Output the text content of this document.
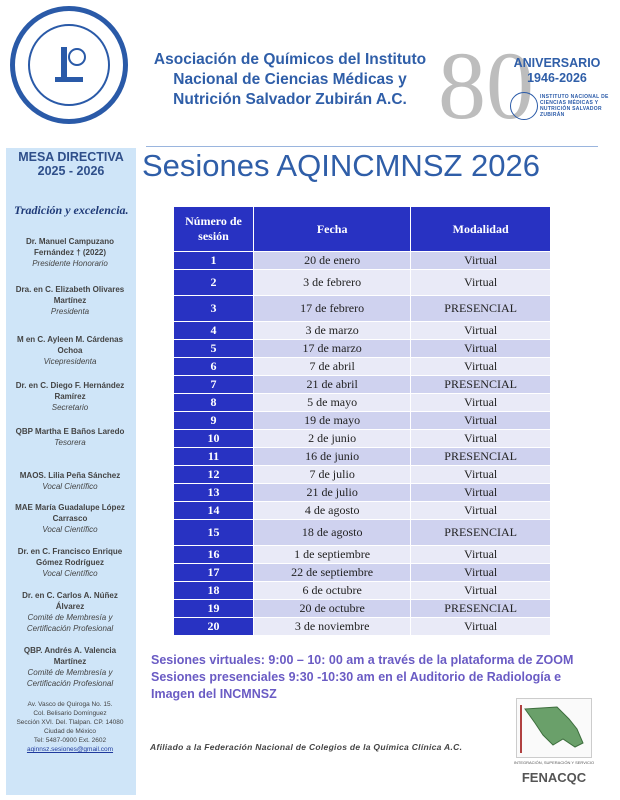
Asociación de Químicos del Instituto
Nacional de Ciencias Médicas y
Nutrición Salvador Zubirán A.C. 80
ANIVERSARIO
1946-2026
INSTITUTO NACIONAL DE CIENCIAS MÉDICAS Y NUTRICIÓN SALVADOR ZUBIRÁN
MESA DIRECTIVA
2025 - 2026
Tradición y excelencia.
Dr. Manuel Campuzano Fernández † (2022)
Presidente Honorario
Dra. en C. Elizabeth Olivares Martínez
Presidenta
M en C. Ayleen M. Cárdenas Ochoa
Vicepresidenta
Dr. en C. Diego F. Hernández Ramírez
Secretario
QBP Martha E Baños Laredo
Tesorera
MAOS. Lilia Peña Sánchez
Vocal Científico
MAE María Guadalupe López Carrasco
Vocal Científico
Dr. en C. Francisco Enrique Gómez Rodríguez
Vocal Científico
Dr. en C. Carlos A. Núñez Álvarez
Comité de Membresía y Certificación Profesional
QBP. Andrés A. Valencia Martínez
Comité de Membresía y Certificación Profesional
Av. Vasco de Quiroga No. 15.
Col. Belisario Domínguez
Sección XVI. Del. Tlalpan. CP. 14080
Ciudad de México
Tel: 5487-0900 Ext. 2602
aqinnsz.sesiones@gmail.com
Sesiones AQINCMNSZ 2026
Número de sesión	Fecha	Modalidad
1	20 de enero	Virtual
2	3 de febrero	Virtual
3	17 de febrero	PRESENCIAL
4	3 de marzo	Virtual
5	17 de marzo	Virtual
6	7 de abril	Virtual
7	21 de abril	PRESENCIAL
8	5 de mayo	Virtual
9	19 de mayo	Virtual
10	2 de junio	Virtual
11	16 de junio	PRESENCIAL
12	7 de julio	Virtual
13	21 de julio	Virtual
14	4 de agosto	Virtual
15	18 de agosto	PRESENCIAL
16	1 de septiembre	Virtual
17	22 de septiembre	Virtual
18	6 de octubre	Virtual
19	20 de octubre	PRESENCIAL
20	3 de noviembre	Virtual
Sesiones virtuales: 9:00 – 10: 00 am a través de la plataforma de ZOOM
Sesiones presenciales 9:30 -10:30 am en el Auditorio de Radiología e Imagen del INCMNSZ
Afiliado a la Federación Nacional de Colegios de la Química Clínica A.C.
INTEGRACIÓN, SUPERACIÓN Y SERVICIO
FENACQC
